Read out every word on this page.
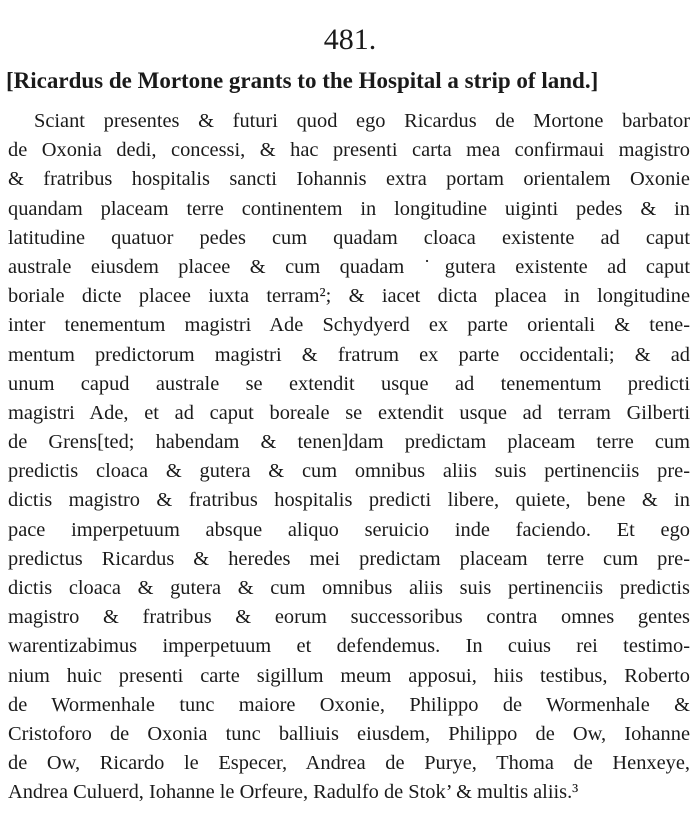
481.
[Ricardus de Mortone grants to the Hospital a strip of land.]
Sciant presentes & futuri quod ego Ricardus de Mortone barbator
de Oxonia dedi, concessi, & hac presenti carta mea confirmaui magistro
& fratribus hospitalis sancti Iohannis extra portam orientalem Oxonie
quandam placeam terre continentem in longitudine uiginti pedes & in
latitudine quatuor pedes cum quadam cloaca existente ad caput
australe eiusdem placee & cum quadam ˙gutera existente ad caput
boriale dicte placee iuxta terram²; & iacet dicta placea in longitudine
inter tenementum magistri Ade Schydyerd ex parte orientali & tene-
mentum predictorum magistri & fratrum ex parte occidentali; & ad
unum capud australe se extendit usque ad tenementum predicti
magistri Ade, et ad caput boreale se extendit usque ad terram Gilberti
de Grens[ted; habendam & tenen]dam predictam placeam terre cum
predictis cloaca & gutera & cum omnibus aliis suis pertinenciis pre-
dictis magistro & fratribus hospitalis predicti libere, quiete, bene & in
pace imperpetuum absque aliquo seruicio inde faciendo. Et ego
predictus Ricardus & heredes mei predictam placeam terre cum pre-
dictis cloaca & gutera & cum omnibus aliis suis pertinenciis predictis
magistro & fratribus & eorum successoribus contra omnes gentes
warentizabimus imperpetuum et defendemus. In cuius rei testimo-
nium huic presenti carte sigillum meum apposui, hiis testibus, Roberto
de Wormenhale tunc maiore Oxonie, Philippo de Wormenhale &
Cristoforo de Oxonia tunc balliuis eiusdem, Philippo de Ow, Iohanne
de Ow, Ricardo le Especer, Andrea de Purye, Thoma de Henxeye,
Andrea Culuerd, Iohanne le Orfeure, Radulfo de Stok’ & multis aliis.³
